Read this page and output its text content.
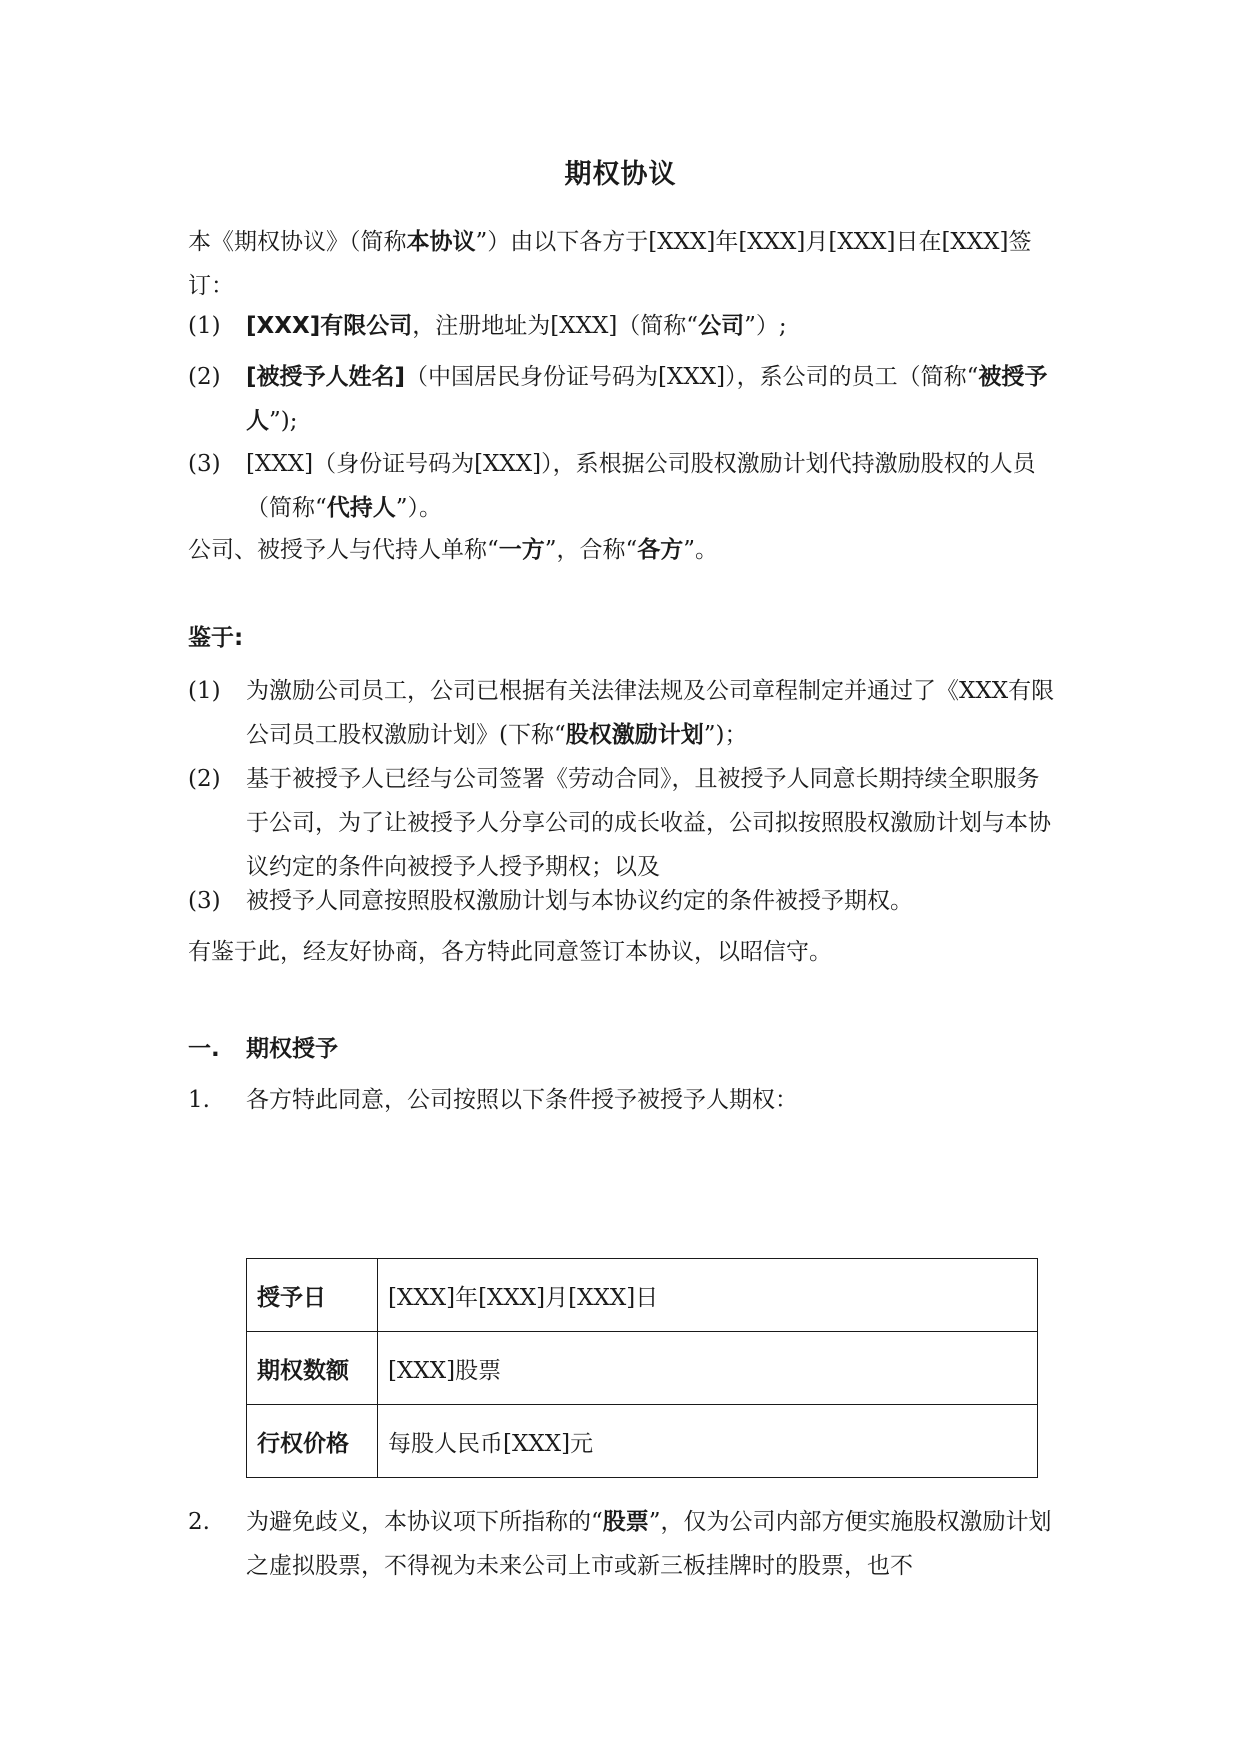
期权协议

本《期权协议》（简称本协议”）由以下各方于[XXX]年[XXX]月[XXX]日在[XXX]签订：

(1)	[XXX]有限公司，注册地址为[XXX]（简称“公司”）;
(2)	[被授予人姓名]（中国居民身份证号码为[XXX]），系公司的员工（简称“被授予人”);
(3)	[XXX]（身份证号码为[XXX]），系根据公司股权激励计划代持激励股权的人员（简称“代持人”）。

公司、被授予人与代持人单称“一方”，合称“各方”。

鉴于:
(1)	为激励公司员工，公司已根据有关法律法规及公司章程制定并通过了《XXX有限公司员工股权激励计划》(下称“股权激励计划”)；
(2)	基于被授予人已经与公司签署《劳动合同》，且被授予人同意长期持续全职服务于公司，为了让被授予人分享公司的成长收益，公司拟按照股权激励计划与本协议约定的条件向被授予人授予期权；以及
(3)	被授予人同意按照股权激励计划与本协议约定的条件被授予期权。

有鉴于此，经友好协商，各方特此同意签订本协议，以昭信守。

一. 期权授予
1.	各方特此同意，公司按照以下条件授予被授予人期权：
授予日	[XXX]年[XXX]月[XXX]日
期权数额	[XXX]股票
行权价格	每股人民币[XXX]元
2.	为避免歧义，本协议项下所指称的“股票”，仅为公司内部方便实施股权激励计划之虚拟股票，不得视为未来公司上市或新三板挂牌时的股票，也不
